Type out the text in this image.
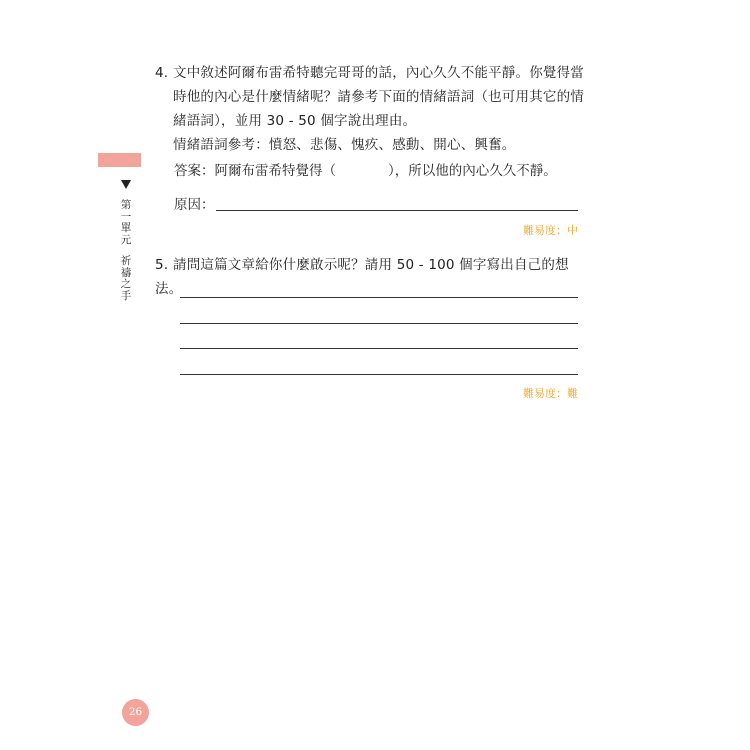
第
一
單
元
祈
禱
之
手
4. 文中敘述阿爾布雷希特聽完哥哥的話，內心久久不能平靜。你覺得當
時他的內心是什麼情緒呢？請參考下面的情緒語詞（也可用其它的情
緒語詞），並用 30 - 50 個字說出理由。
情緒語詞參考：憤怒、悲傷、愧疚、感動、開心、興奮。
答案：阿爾布雷希特覺得（	），所以他的內心久久不靜。
原因：
難易度：中
5. 請問這篇文章給你什麼啟示呢？請用 50 - 100 個字寫出自己的想法。
難易度：難
26
